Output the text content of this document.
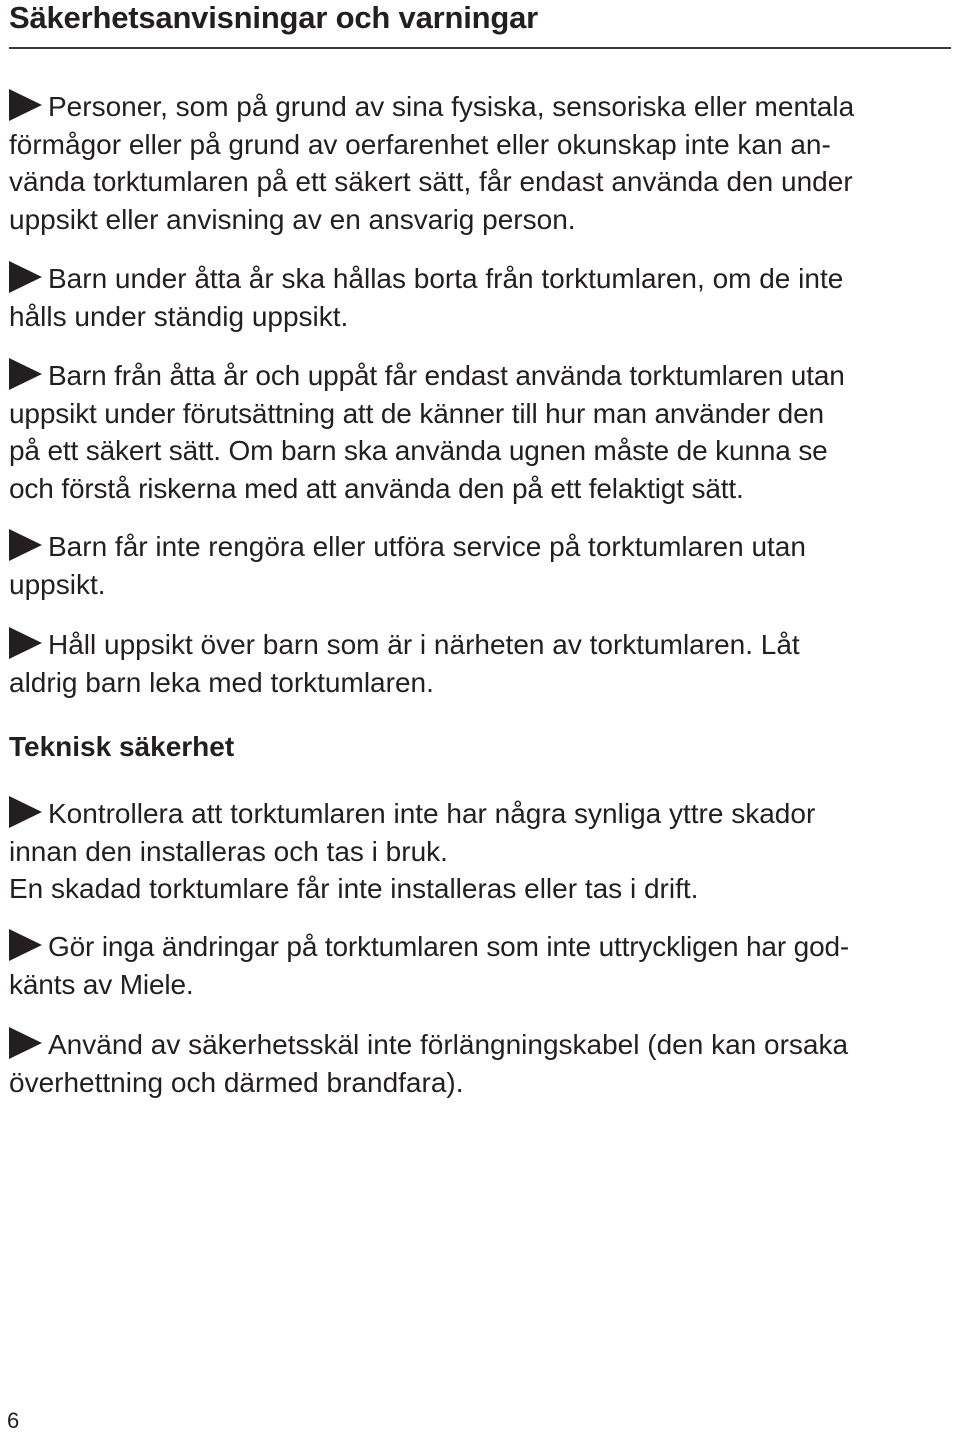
Säkerhetsanvisningar och varningar

Personer, som på grund av sina fysiska, sensoriska eller mentala
förmågor eller på grund av oerfarenhet eller okunskap inte kan an-
vända torktumlaren på ett säkert sätt, får endast använda den under
uppsikt eller anvisning av en ansvarig person.

Barn under åtta år ska hållas borta från torktumlaren, om de inte
hålls under ständig uppsikt.

Barn från åtta år och uppåt får endast använda torktumlaren utan
uppsikt under förutsättning att de känner till hur man använder den
på ett säkert sätt. Om barn ska använda ugnen måste de kunna se
och förstå riskerna med att använda den på ett felaktigt sätt.

Barn får inte rengöra eller utföra service på torktumlaren utan
uppsikt.

Håll uppsikt över barn som är i närheten av torktumlaren. Låt
aldrig barn leka med torktumlaren.

Teknisk säkerhet

Kontrollera att torktumlaren inte har några synliga yttre skador
innan den installeras och tas i bruk.
En skadad torktumlare får inte installeras eller tas i drift.

Gör inga ändringar på torktumlaren som inte uttryckligen har god-
känts av Miele.

Använd av säkerhetsskäl inte förlängningskabel (den kan orsaka
överhettning och därmed brandfara).

6
